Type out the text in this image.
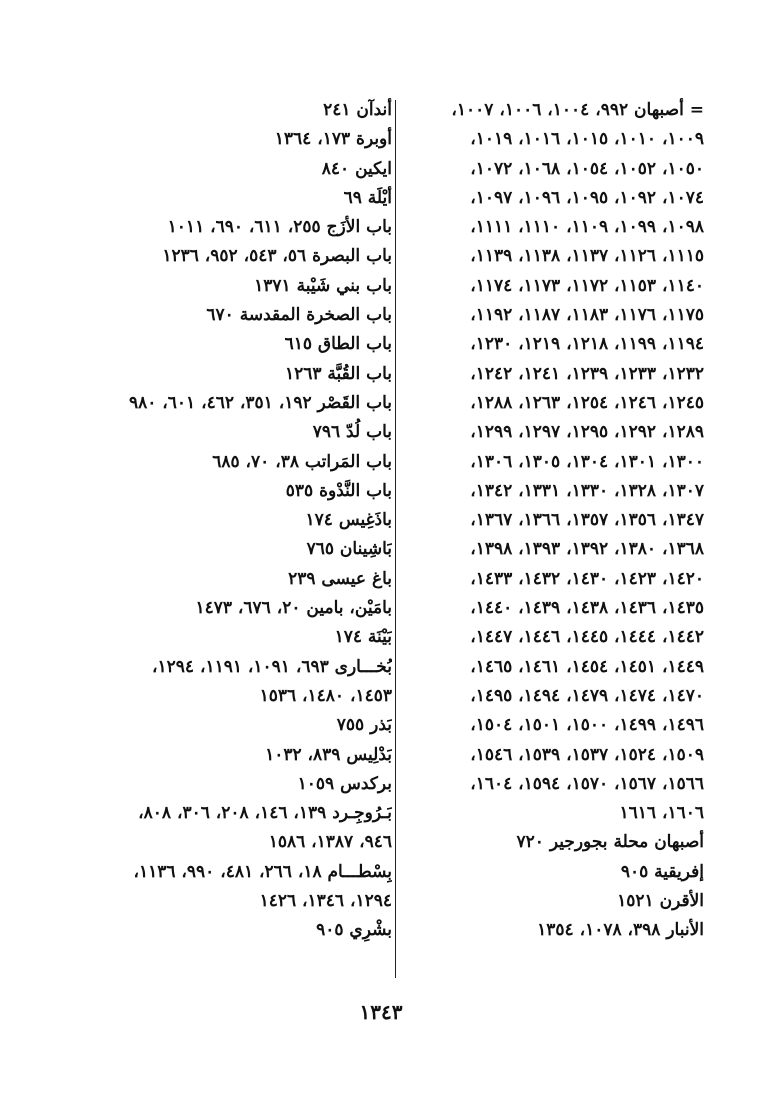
= أصبهان ٩٩٢، ١٠٠٤، ١٠٠٦، ١٠٠٧،
١٠٠٩، ١٠١٠، ١٠١٥، ١٠١٦، ١٠١٩،
١٠٥٠، ١٠٥٢، ١٠٥٤، ١٠٦٨، ١٠٧٢،
١٠٧٤، ١٠٩٢، ١٠٩٥، ١٠٩٦، ١٠٩٧،
١٠٩٨، ١٠٩٩، ١١٠٩، ١١١٠، ١١١١،
١١١٥، ١١٢٦، ١١٣٧، ١١٣٨، ١١٣٩،
١١٤٠، ١١٥٣، ١١٧٢، ١١٧٣، ١١٧٤،
١١٧٥، ١١٧٦، ١١٨٣، ١١٨٧، ١١٩٢،
١١٩٤، ١١٩٩، ١٢١٨، ١٢١٩، ١٢٣٠،
١٢٣٢، ١٢٣٣، ١٢٣٩، ١٢٤١، ١٢٤٢،
١٢٤٥، ١٢٤٦، ١٢٥٤، ١٢٦٣، ١٢٨٨،
١٢٨٩، ١٢٩٢، ١٢٩٥، ١٢٩٧، ١٢٩٩،
١٣٠٠، ١٣٠١، ١٣٠٤، ١٣٠٥، ١٣٠٦،
١٣٠٧، ١٣٢٨، ١٣٣٠، ١٣٣١، ١٣٤٢،
١٣٤٧، ١٣٥٦، ١٣٥٧، ١٣٦٦، ١٣٦٧،
١٣٦٨، ١٣٨٠، ١٣٩٢، ١٣٩٣، ١٣٩٨،
١٤٢٠، ١٤٢٣، ١٤٣٠، ١٤٣٢، ١٤٣٣،
١٤٣٥، ١٤٣٦، ١٤٣٨، ١٤٣٩، ١٤٤٠،
١٤٤٢، ١٤٤٤، ١٤٤٥، ١٤٤٦، ١٤٤٧،
١٤٤٩، ١٤٥١، ١٤٥٤، ١٤٦١، ١٤٦٥،
١٤٧٠، ١٤٧٤، ١٤٧٩، ١٤٩٤، ١٤٩٥،
١٤٩٦، ١٤٩٩، ١٥٠٠، ١٥٠١، ١٥٠٤،
١٥٠٩، ١٥٢٤، ١٥٣٧، ١٥٣٩، ١٥٤٦،
١٥٦٦، ١٥٦٧، ١٥٧٠، ١٥٩٤، ١٦٠٤،
١٦٠٦، ١٦١٦
أصبهان محلة بجورجير ٧٢٠
إفريقية ٩٠٥
الأقرن ١٥٢١
الأنبار ٣٩٨، ١٠٧٨، ١٣٥٤
أندآن ٢٤١
أوبرة ١٧٣، ١٣٦٤
ايكين ٨٤٠
أيْلَة ٦٩
باب الأزَج ٢٥٥، ٦١١، ٦٩٠، ١٠١١
باب البصرة ٥٦، ٥٤٣، ٩٥٢، ١٢٣٦
باب بني شَيْبة ١٣٧١
باب الصخرة المقدسة ٦٧٠
باب الطاق ٦١٥
باب القُبَّة ١٢٦٣
باب القَصْر ١٩٢، ٣٥١، ٤٦٢، ٦٠١، ٩٨٠
باب لُدّ ٧٩٦
باب المَراتب ٣٨، ٧٠، ٦٨٥
باب النَّدْوة ٥٣٥
باذَغِيس ١٧٤
بَاشِينان ٧٦٥
باغ عيسى ٢٣٩
بامَيْن، بامين ٢٠، ٦٧٦، ١٤٧٣
بَيْنَة ١٧٤
بُخـــارى ٦٩٣، ١٠٩١، ١١٩١، ١٢٩٤،
١٤٥٣، ١٤٨٠، ١٥٣٦
بَذر ٧٥٥
بَدْلِيس ٨٣٩، ١٠٣٢
بركدس ١٠٥٩
بَـرُوجِـرد ١٣٩، ١٤٦، ٢٠٨، ٣٠٦، ٨٠٨،
٩٤٦، ١٣٨٧، ١٥٨٦
بِسْطـــام ١٨، ٢٦٦، ٤٨١، ٩٩٠، ١١٣٦،
١٢٩٤، ١٣٤٦، ١٤٢٦
بشْرِي ٩٠٥
١٣٤٣
